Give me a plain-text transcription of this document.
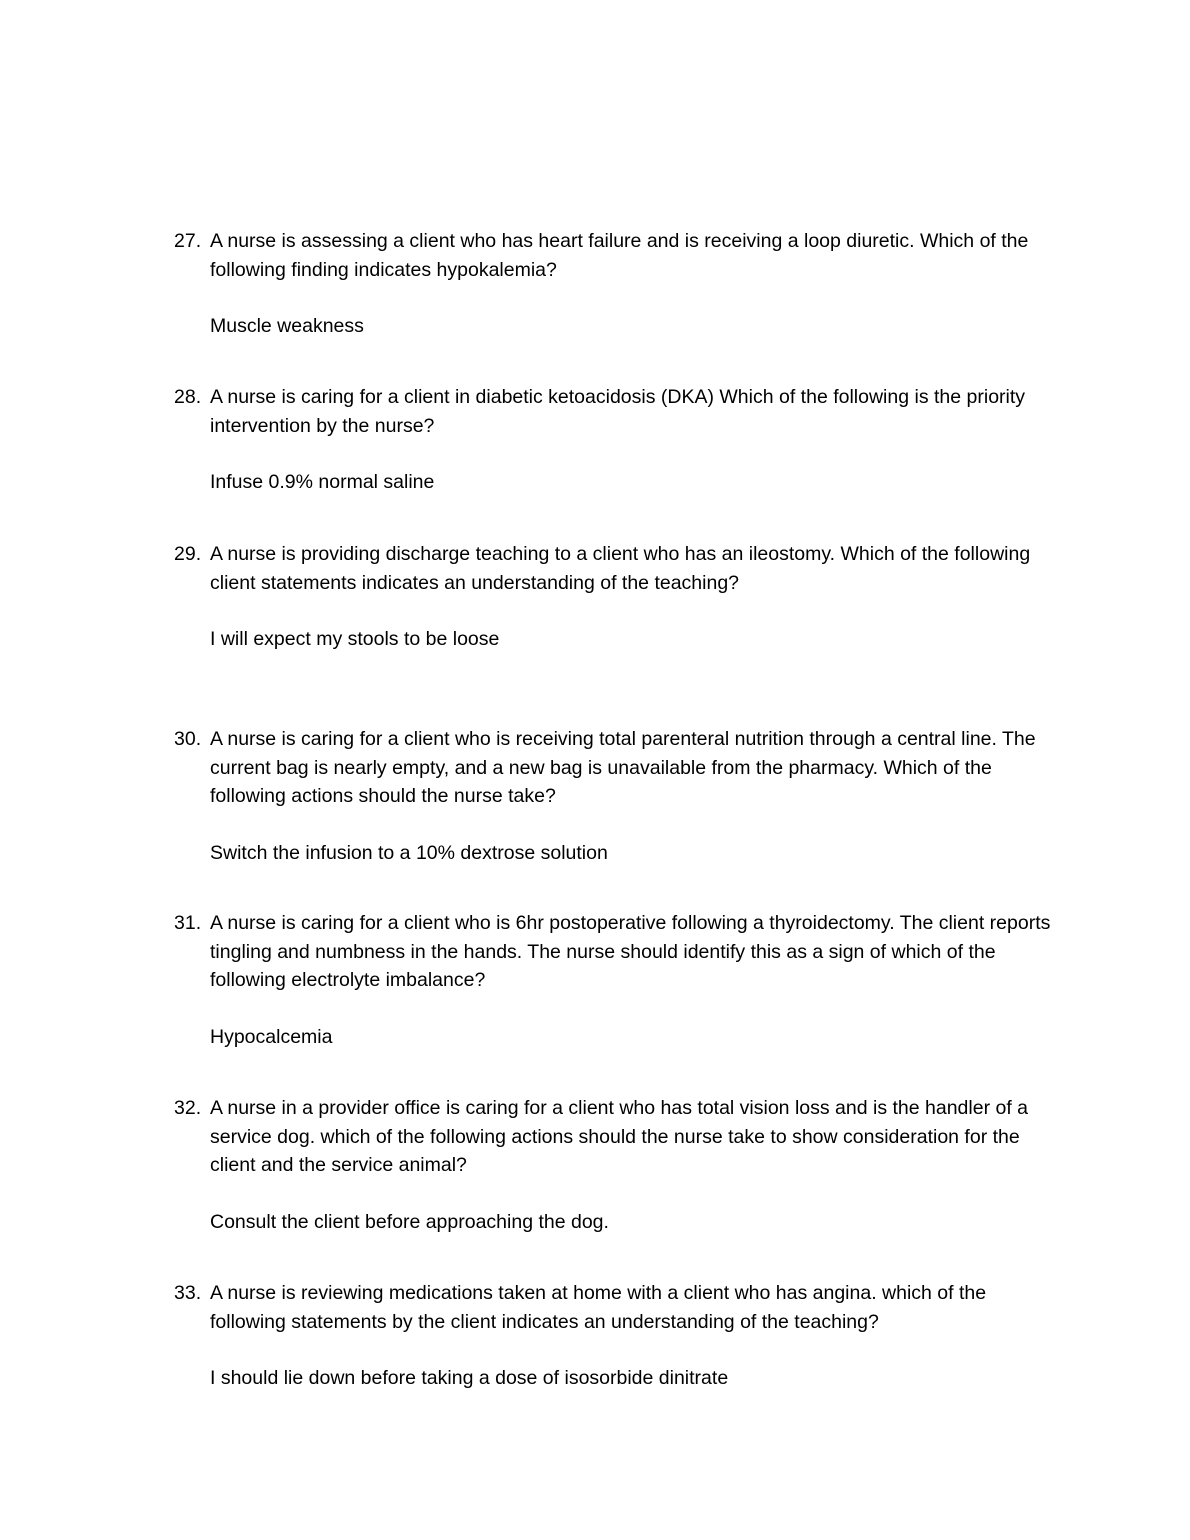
27. A nurse is assessing a client who has heart failure and is receiving a loop diuretic. Which of the following finding indicates hypokalemia?
Muscle weakness
28. A nurse is caring for a client in diabetic ketoacidosis (DKA) Which of the following is the priority intervention by the nurse?
Infuse 0.9% normal saline
29. A nurse is providing discharge teaching to a client who has an ileostomy. Which of the following client statements indicates an understanding of the teaching?
I will expect my stools to be loose
30. A nurse is caring for a client who is receiving total parenteral nutrition through a central line. The current bag is nearly empty, and a new bag is unavailable from the pharmacy. Which of the following actions should the nurse take?
Switch the infusion to a 10% dextrose solution
31. A nurse is caring for a client who is 6hr postoperative following a thyroidectomy. The client reports tingling and numbness in the hands. The nurse should identify this as a sign of which of the following electrolyte imbalance?
Hypocalcemia
32. A nurse in a provider office is caring for a client who has total vision loss and is the handler of a service dog. which of the following actions should the nurse take to show consideration for the client and the service animal?
Consult the client before approaching the dog.
33. A nurse is reviewing medications taken at home with a client who has angina. which of the following statements by the client indicates an understanding of the teaching?
I should lie down before taking a dose of isosorbide dinitrate
